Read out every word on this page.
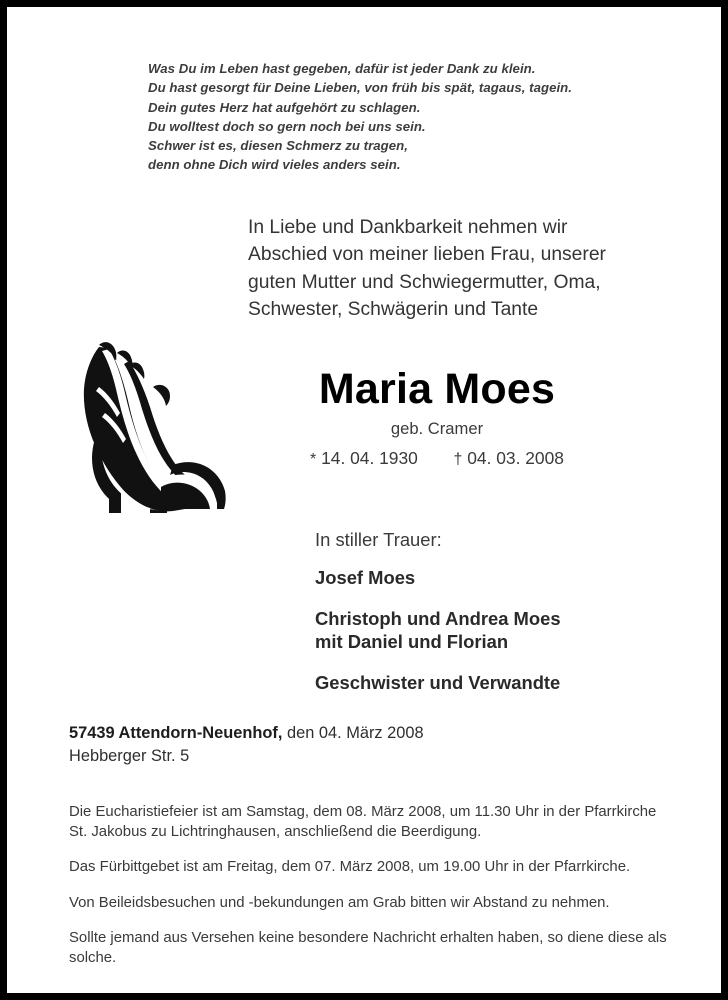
Was Du im Leben hast gegeben, dafür ist jeder Dank zu klein.
Du hast gesorgt für Deine Lieben, von früh bis spät, tagaus, tagein.
Dein gutes Herz hat aufgehört zu schlagen.
Du wolltest doch so gern noch bei uns sein.
Schwer ist es, diesen Schmerz zu tragen,
denn ohne Dich wird vieles anders sein.
In Liebe und Dankbarkeit nehmen wir
Abschied von meiner lieben Frau, unserer
guten Mutter und Schwiegermutter, Oma,
Schwester, Schwägerin und Tante
Maria Moes
geb. Cramer
* 14. 04. 1930 † 04. 03. 2008
In stiller Trauer:
Josef Moes
Christoph und Andrea Moes
mit Daniel und Florian
Geschwister und Verwandte
57439 Attendorn-Neuenhof, den 04. März 2008
Hebberger Str. 5

Die Eucharistiefeier ist am Samstag, dem 08. März 2008, um 11.30 Uhr in der Pfarrkirche St. Jakobus zu Lichtringhausen, anschließend die Beerdigung.

Das Fürbittgebet ist am Freitag, dem 07. März 2008, um 19.00 Uhr in der Pfarrkirche.

Von Beileidsbesuchen und -bekundungen am Grab bitten wir Abstand zu nehmen.

Sollte jemand aus Versehen keine besondere Nachricht erhalten haben, so diene diese als solche.
